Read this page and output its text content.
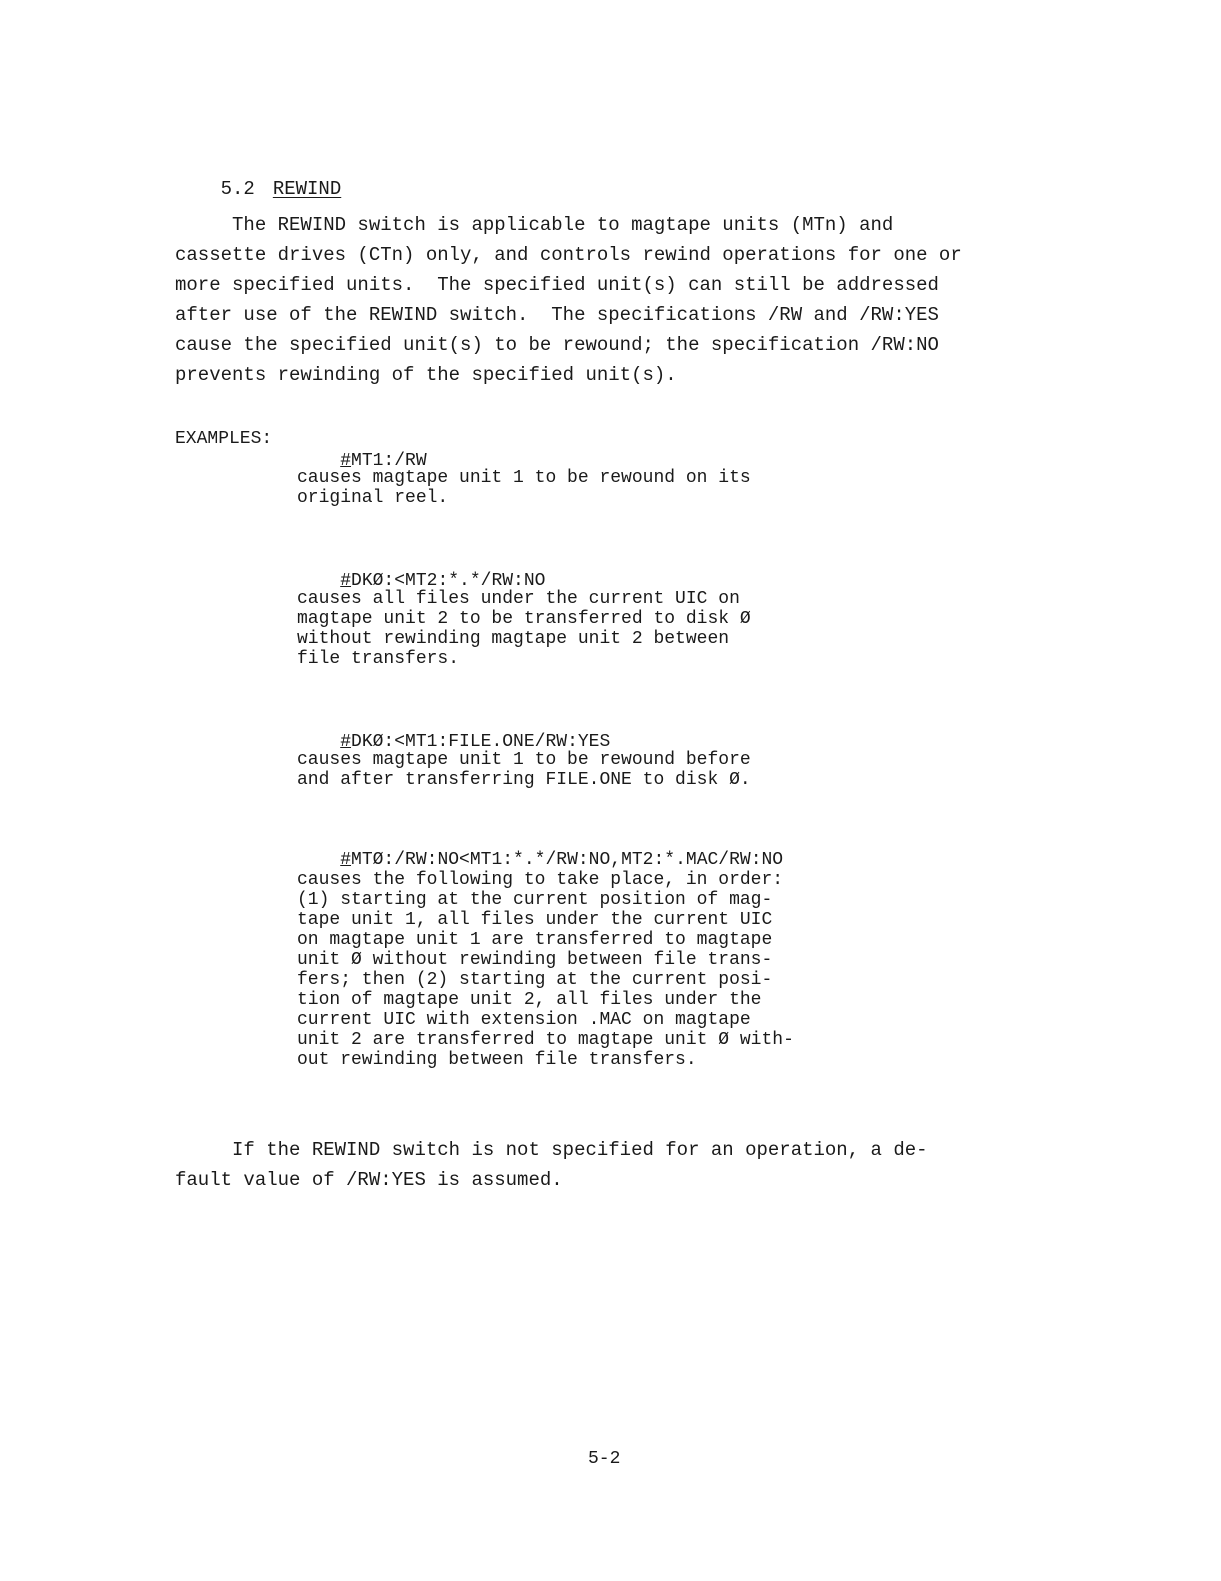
5.2 REWIND

The REWIND switch is applicable to magtape units (MTn) and
cassette drives (CTn) only, and controls rewind operations for one or
more specified units.  The specified unit(s) can still be addressed
after use of the REWIND switch.  The specifications /RW and /RW:YES
cause the specified unit(s) to be rewound; the specification /RW:NO
prevents rewinding of the specified unit(s).

EXAMPLES:

#MT1:/RW

causes magtape unit 1 to be rewound on its
original reel.

#DKØ:<MT2:*.*/RW:NO

causes all files under the current UIC on
magtape unit 2 to be transferred to disk Ø
without rewinding magtape unit 2 between
file transfers.

#DKØ:<MT1:FILE.ONE/RW:YES

causes magtape unit 1 to be rewound before
and after transferring FILE.ONE to disk Ø.

#MTØ:/RW:NO<MT1:*.*/RW:NO,MT2:*.MAC/RW:NO

causes the following to take place, in order:
(1) starting at the current position of mag-
tape unit 1, all files under the current UIC
on magtape unit 1 are transferred to magtape
unit Ø without rewinding between file trans-
fers; then (2) starting at the current posi-
tion of magtape unit 2, all files under the
current UIC with extension .MAC on magtape
unit 2 are transferred to magtape unit Ø with-
out rewinding between file transfers.

If the REWIND switch is not specified for an operation, a de-
fault value of /RW:YES is assumed.

5-2
